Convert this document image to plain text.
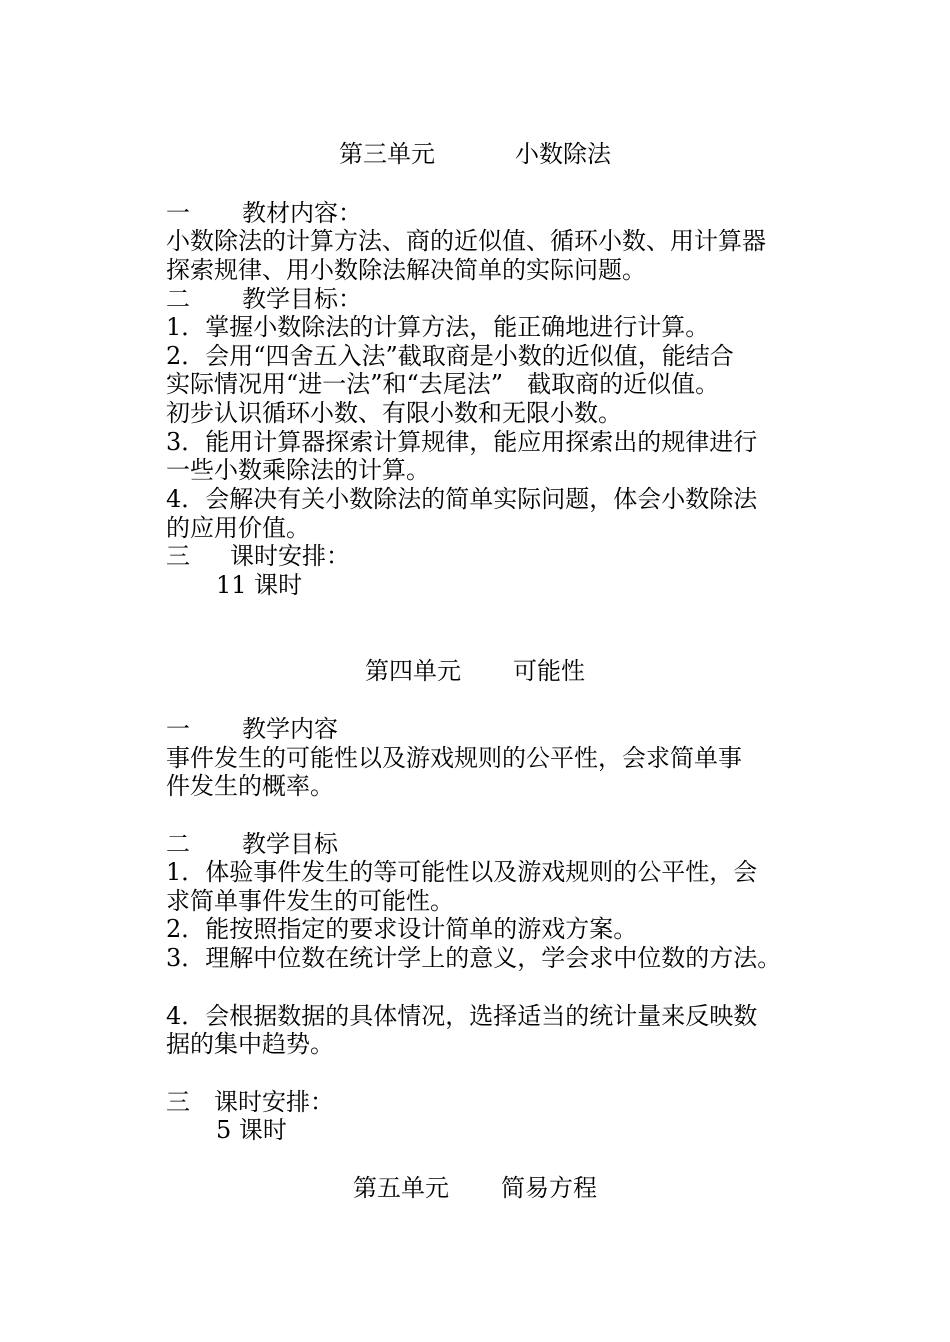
第三单元	小数除法
一 教材内容：
小数除法的计算方法、商的近似值、循环小数、用计算器
探索规律、用小数除法解决简单的实际问题。
二 教学目标：
1．掌握小数除法的计算方法，能正确地进行计算。
2．会用“四舍五入法”截取商是小数的近似值，能结合
实际情况用“进一法”和“去尾法”　截取商的近似值。
初步认识循环小数、有限小数和无限小数。
3．能用计算器探索计算规律，能应用探索出的规律进行
一些小数乘除法的计算。
4．会解决有关小数除法的简单实际问题，体会小数除法
的应用价值。
三 课时安排：
11 课时
第四单元 可能性
一 教学内容
事件发生的可能性以及游戏规则的公平性，会求简单事
件发生的概率。
二 教学目标
1．体验事件发生的等可能性以及游戏规则的公平性，会
求简单事件发生的可能性。
2．能按照指定的要求设计简单的游戏方案。
3．理解中位数在统计学上的意义，学会求中位数的方法。
4．会根据数据的具体情况，选择适当的统计量来反映数
据的集中趋势。
三 课时安排：
5 课时
第五单元 简易方程
